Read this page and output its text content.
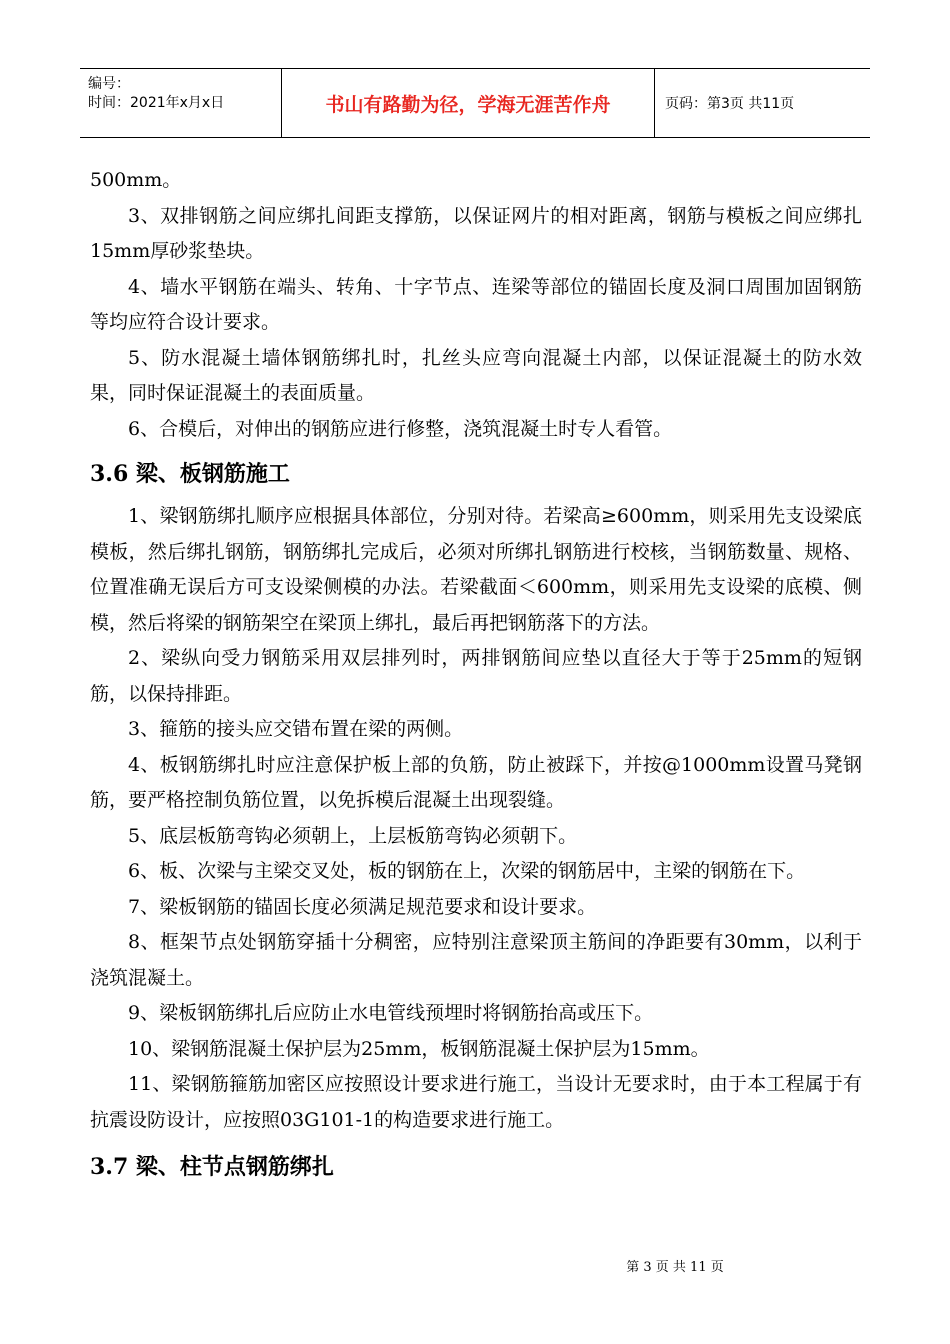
编号：
时间：2021年x月x日	书山有路勤为径，学海无涯苦作舟	页码：第3页 共11页

500mm。

3、双排钢筋之间应绑扎间距支撑筋，以保证网片的相对距离，钢筋与模板之间应绑扎15mm厚砂浆垫块。

4、墙水平钢筋在端头、转角、十字节点、连梁等部位的锚固长度及洞口周围加固钢筋等均应符合设计要求。

5、防水混凝土墙体钢筋绑扎时，扎丝头应弯向混凝土内部，以保证混凝土的防水效果，同时保证混凝土的表面质量。

6、合模后，对伸出的钢筋应进行修整，浇筑混凝土时专人看管。

3.6 梁、板钢筋施工

1、梁钢筋绑扎顺序应根据具体部位，分别对待。若梁高≥600mm，则采用先支设梁底模板，然后绑扎钢筋，钢筋绑扎完成后，必须对所绑扎钢筋进行校核，当钢筋数量、规格、位置准确无误后方可支设梁侧模的办法。若梁截面＜600mm，则采用先支设梁的底模、侧模，然后将梁的钢筋架空在梁顶上绑扎，最后再把钢筋落下的方法。

2、梁纵向受力钢筋采用双层排列时，两排钢筋间应垫以直径大于等于25mm的短钢筋，以保持排距。

3、箍筋的接头应交错布置在梁的两侧。

4、板钢筋绑扎时应注意保护板上部的负筋，防止被踩下，并按@1000mm设置马凳钢筋，要严格控制负筋位置，以免拆模后混凝土出现裂缝。

5、底层板筋弯钩必须朝上，上层板筋弯钩必须朝下。

6、板、次梁与主梁交叉处，板的钢筋在上，次梁的钢筋居中，主梁的钢筋在下。

7、梁板钢筋的锚固长度必须满足规范要求和设计要求。

8、框架节点处钢筋穿插十分稠密，应特别注意梁顶主筋间的净距要有30mm，以利于浇筑混凝土。

9、梁板钢筋绑扎后应防止水电管线预埋时将钢筋抬高或压下。

10、梁钢筋混凝土保护层为25mm，板钢筋混凝土保护层为15mm。

11、梁钢筋箍筋加密区应按照设计要求进行施工，当设计无要求时，由于本工程属于有抗震设防设计，应按照03G101-1的构造要求进行施工。

3.7 梁、柱节点钢筋绑扎
第 3 页 共 11 页
